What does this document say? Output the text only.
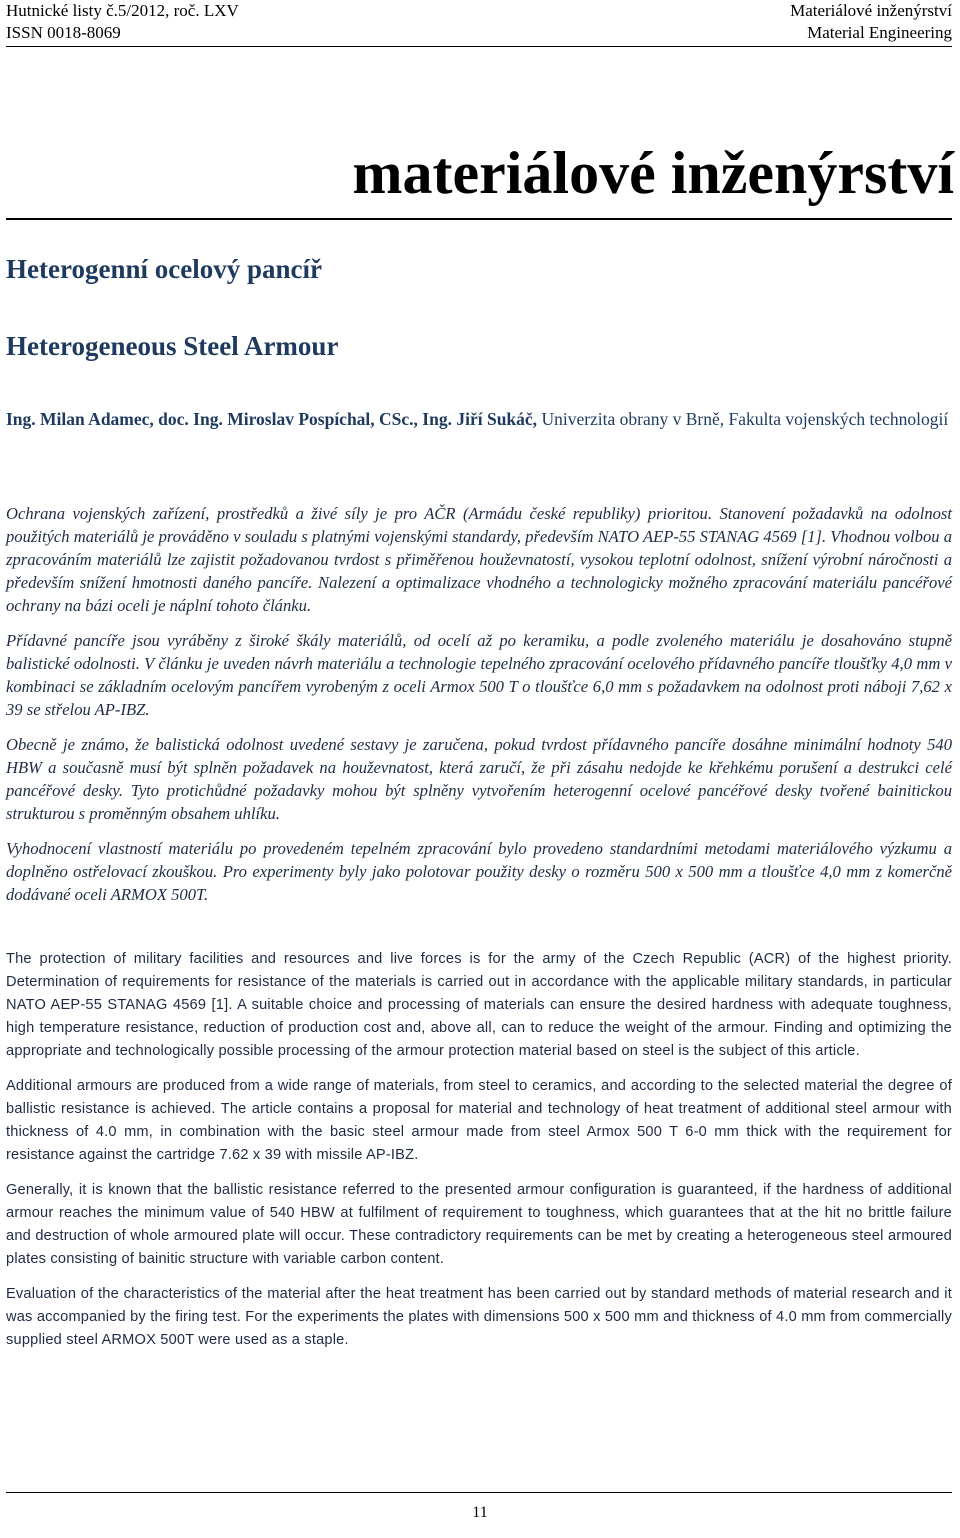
Hutnické listy č.5/2012, roč. LXV
ISSN 0018-8069
Materiálové inženýrství
Material Engineering
materiálové inženýrství
Heterogenní ocelový pancíř
Heterogeneous Steel Armour
Ing. Milan Adamec, doc. Ing. Miroslav Pospíchal, CSc., Ing. Jiří Sukáč, Univerzita obrany v Brně, Fakulta vojenských technologií

Ochrana vojenských zařízení, prostředků a živé síly je pro AČR (Armádu české republiky) prioritou. Stanovení požadavků na odolnost použitých materiálů je prováděno v souladu s platnými vojenskými standardy, především NATO AEP-55 STANAG 4569 [1]. Vhodnou volbou a zpracováním materiálů lze zajistit požadovanou tvrdost s přiměřenou houževnatostí, vysokou teplotní odolnost, snížení výrobní náročnosti a především snížení hmotnosti daného pancíře. Nalezení a optimalizace vhodného a technologicky možného zpracování materiálu pancéřové ochrany na bázi oceli je náplní tohoto článku.

Přídavné pancíře jsou vyráběny z široké škály materiálů, od ocelí až po keramiku, a podle zvoleného materiálu je dosahováno stupně balistické odolnosti. V článku je uveden návrh materiálu a technologie tepelného zpracování ocelového přídavného pancíře tloušťky 4,0 mm v kombinaci se základním ocelovým pancířem vyrobeným z oceli Armox 500 T o tloušťce 6,0 mm s požadavkem na odolnost proti náboji 7,62 x 39 se střelou AP-IBZ.

Obecně je známo, že balistická odolnost uvedené sestavy je zaručena, pokud tvrdost přídavného pancíře dosáhne minimální hodnoty 540 HBW a současně musí být splněn požadavek na houževnatost, která zaručí, že při zásahu nedojde ke křehkému porušení a destrukci celé pancéřové desky. Tyto protichůdné požadavky mohou být splněny vytvořením heterogenní ocelové pancéřové desky tvořené bainitickou strukturou s proměnným obsahem uhlíku.

Vyhodnocení vlastností materiálu po provedeném tepelném zpracování bylo provedeno standardními metodami materiálového výzkumu a doplněno ostřelovací zkouškou. Pro experimenty byly jako polotovar použity desky o rozměru 500 x 500 mm a tloušťce 4,0 mm z komerčně dodávané oceli ARMOX 500T.

The protection of military facilities and resources and live forces is for the army of the Czech Republic (ACR) of the highest priority. Determination of requirements for resistance of the materials is carried out in accordance with the applicable military standards, in particular NATO AEP-55 STANAG 4569 [1]. A suitable choice and processing of materials can ensure the desired hardness with adequate toughness, high temperature resistance, reduction of production cost and, above all, can to reduce the weight of the armour. Finding and optimizing the appropriate and technologically possible processing of the armour protection material based on steel is the subject of this article.

Additional armours are produced from a wide range of materials, from steel to ceramics, and according to the selected material the degree of ballistic resistance is achieved. The article contains a proposal for material and technology of heat treatment of additional steel armour with thickness of 4.0 mm, in combination with the basic steel armour made from steel Armox 500 T 6-0 mm thick with the requirement for resistance against the cartridge 7.62 x 39 with missile AP-IBZ.

Generally, it is known that the ballistic resistance referred to the presented armour configuration is guaranteed, if the hardness of additional armour reaches the minimum value of 540 HBW at fulfilment of requirement to toughness, which guarantees that at the hit no brittle failure and destruction of whole armoured plate will occur. These contradictory requirements can be met by creating a heterogeneous steel armoured plates consisting of bainitic structure with variable carbon content.

Evaluation of the characteristics of the material after the heat treatment has been carried out by standard methods of material research and it was accompanied by the firing test. For the experiments the plates with dimensions 500 x 500 mm and thickness of 4.0 mm from commercially supplied steel ARMOX 500T were used as a staple.

11
